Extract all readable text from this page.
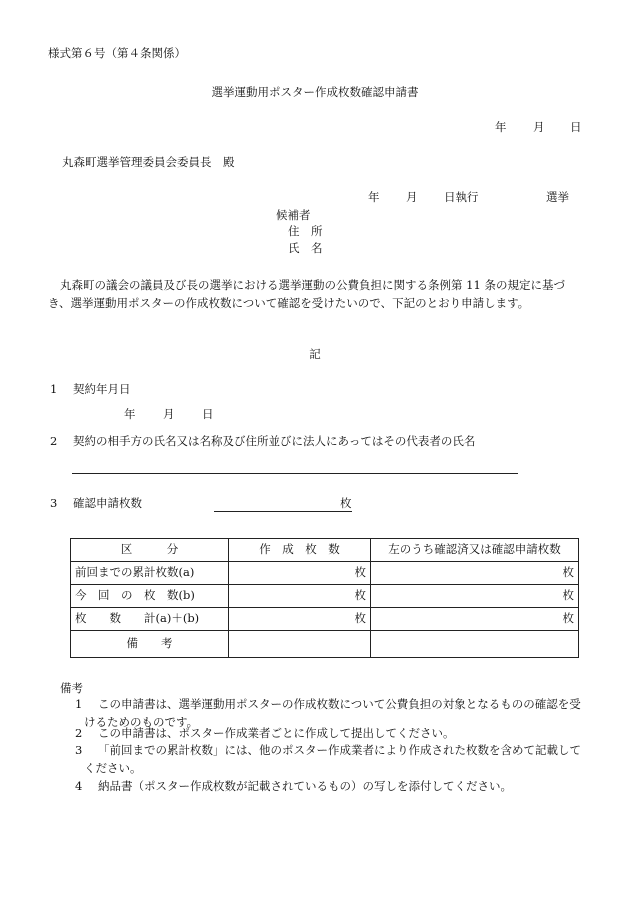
様式第６号（第４条関係）
選挙運動用ポスター作成枚数確認申請書
年 月 日
丸森町選挙管理委員会委員長　殿
年 月 日執行	選挙
候補者
住　所
氏　名
丸森町の議会の議員及び長の選挙における選挙運動の公費負担に関する条例第 11 条の規定に基づき、選挙運動用ポスターの作成枚数について確認を受けたいので、下記のとおり申請します。
記
1 契約年月日
年 月 日
2 契約の相手方の氏名又は名称及び住所並びに法人にあってはその代表者の氏名
3 確認申請枚数	枚
区　　　分	作　成　枚　数	左のうち確認済又は確認申請枚数
前回までの累計枚数(a)	枚	枚
今　回　の　枚　数(b)	枚	枚
枚　　数　　計(a)＋(b)	枚	枚
備　　考		
備考
1	この申請書は、選挙運動用ポスターの作成枚数について公費負担の対象となるものの確認を受けるためのものです。
2	この申請書は、ポスター作成業者ごとに作成して提出してください。
3	「前回までの累計枚数」には、他のポスター作成業者により作成された枚数を含めて記載してください。
4	納品書（ポスター作成枚数が記載されているもの）の写しを添付してください。
